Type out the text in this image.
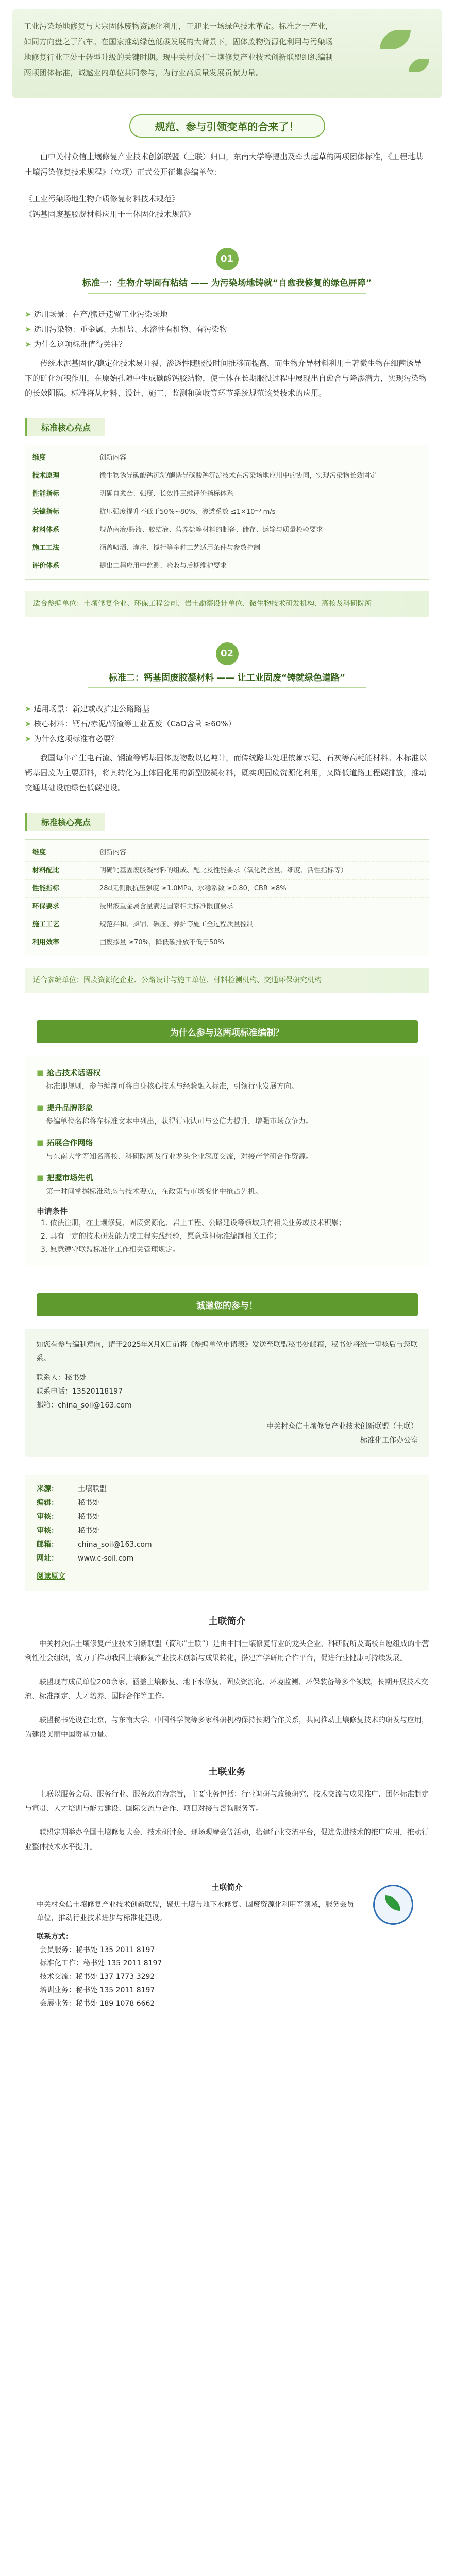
工业污染场地修复与大宗固体废物资源化利用，正迎来一场绿色技术革命。标准之于产业，如同方向盘之于汽车。在国家推动绿色低碳发展的大背景下，固体废物资源化利用与污染场地修复行业正处于转型升级的关键时期。现中关村众信土壤修复产业技术创新联盟组织编制两项团体标准，诚邀业内单位共同参与，为行业高质量发展贡献力量。
规范、参与引领变革的合来了！
由中关村众信土壤修复产业技术创新联盟（土联）归口，东南大学等提出及牵头起草的两项团体标准，《工程地基土壤污染修复技术规程》（立项）正式公开征集参编单位：
《工业污染场地生物介质修复材料技术规范》
《钙基固废基胶凝材料应用于土体固化技术规范》
01
标准一：生物介导固有粘结 —— 为污染场地铸就“自愈我修复的绿色屏障”
➤ 适用场景：在产/搬迁遗留工业污染场地
➤ 适用污染物：重金属、无机盐、水溶性有机物、有污染物
➤ 为什么这项标准值得关注？
传统水泥基固化/稳定化技术易开裂、渗透性随服役时间推移而提高，而生物介导材料利用土著微生物在细菌诱导下的矿化沉积作用，在原始孔隙中生成碳酸钙胶结物，使土体在长期服役过程中展现出自愈合与降渗潜力，实现污染物的长效阻隔。标准将从材料、设计、施工、监测和验收等环节系统规范该类技术的应用。
标准核心亮点
维度	创新内容
技术原理	微生物诱导碳酸钙沉淀/酶诱导碳酸钙沉淀技术在污染场地应用中的协同，实现污染物长效固定
性能指标	明确自愈合、强度、长效性三维评价指标体系
关键指标	抗压强度提升不低于50%~80%，渗透系数 ≤1×10⁻⁸ m/s
材料体系	规范菌液/酶液、胶结液、营养盐等材料的制备、储存、运输与质量检验要求
施工工法	涵盖喷洒、灌注、搅拌等多种工艺适用条件与参数控制
评价体系	提出工程应用中监测、验收与后期维护要求
适合参编单位：土壤修复企业、环保工程公司、岩土勘察设计单位、微生物技术研发机构、高校及科研院所
02
标准二：钙基固废胶凝材料 —— 让工业固废“铸就绿色道路”
➤ 适用场景：新建或改扩建公路路基
➤ 核心材料：钙石/赤泥/钢渣等工业固废（CaO含量 ≥60%）
➤ 为什么这项标准有必要？
我国每年产生电石渣、钢渣等钙基固体废物数以亿吨计，而传统路基处理依赖水泥、石灰等高耗能材料。本标准以钙基固废为主要原料，将其转化为土体固化用的新型胶凝材料，既实现固废资源化利用，又降低道路工程碳排放，推动交通基础设施绿色低碳建设。
标准核心亮点
维度	创新内容
材料配比	明确钙基固废胶凝材料的组成、配比及性能要求（氧化钙含量、细度、活性指标等）
性能指标	28d无侧限抗压强度 ≥1.0MPa，水稳系数 ≥0.80，CBR ≥8%
环保要求	浸出液重金属含量满足国家相关标准限值要求
施工工艺	规范拌和、摊铺、碾压、养护等施工全过程质量控制
利用效率	固废掺量 ≥70%，降低碳排放不低于50%
适合参编单位：固废资源化企业、公路设计与施工单位、材料检测机构、交通环保研究机构
为什么参与这两项标准编制？
■ 抢占技术话语权
标准即规则，参与编制可将自身核心技术与经验融入标准，引领行业发展方向。
■ 提升品牌形象
参编单位名称将在标准文本中列出，获得行业认可与公信力提升，增强市场竞争力。
■ 拓展合作网络
与东南大学等知名高校、科研院所及行业龙头企业深度交流，对接产学研合作资源。
■ 把握市场先机
第一时间掌握标准动态与技术要点，在政策与市场变化中抢占先机。
申请条件
1. 依法注册，在土壤修复、固废资源化、岩土工程、公路建设等领域具有相关业务或技术积累；
2. 具有一定的技术研发能力或工程实践经验，愿意承担标准编制相关工作；
3. 愿意遵守联盟标准化工作相关管理规定。
诚邀您的参与！
如您有参与编制意向，请于2025年X月X日前将《参编单位申请表》发送至联盟秘书处邮箱，秘书处将统一审核后与您联系。
联系人：秘书处
联系电话：13520118197
邮箱：china_soil@163.com
中关村众信土壤修复产业技术创新联盟（土联）
标准化工作办公室
来源：	土壤联盟
编辑：	秘书处
审核：	秘书处
审核：	秘书处
邮箱：	china_soil@163.com
网址：	www.c-soil.com
阅读原文
土联简介
中关村众信土壤修复产业技术创新联盟（简称“土联”）是由中国土壤修复行业的龙头企业、科研院所及高校自愿组成的非营利性社会组织，致力于推动我国土壤修复产业技术创新与成果转化，搭建产学研用合作平台，促进行业健康可持续发展。
联盟现有成员单位200余家，涵盖土壤修复、地下水修复、固废资源化、环境监测、环保装备等多个领域，长期开展技术交流、标准制定、人才培养、国际合作等工作。
联盟秘书处设在北京，与东南大学、中国科学院等多家科研机构保持长期合作关系，共同推动土壤修复技术的研发与应用，为建设美丽中国贡献力量。
土联业务
土联以服务会员、服务行业、服务政府为宗旨，主要业务包括：行业调研与政策研究、技术交流与成果推广、团体标准制定与宣贯、人才培训与能力建设、国际交流与合作、项目对接与咨询服务等。
联盟定期举办全国土壤修复大会、技术研讨会、现场观摩会等活动，搭建行业交流平台，促进先进技术的推广应用，推动行业整体技术水平提升。
土联简介
中关村众信土壤修复产业技术创新联盟，聚焦土壤与地下水修复、固废资源化利用等领域，服务会员单位，推动行业技术进步与标准化建设。
联系方式：
会员服务：秘书处 135 2011 8197
标准化工作：秘书处 135 2011 8197
技术交流：秘书处 137 1773 3292
培训业务：秘书处 135 2011 8197
会展业务：秘书处 189 1078 6662
